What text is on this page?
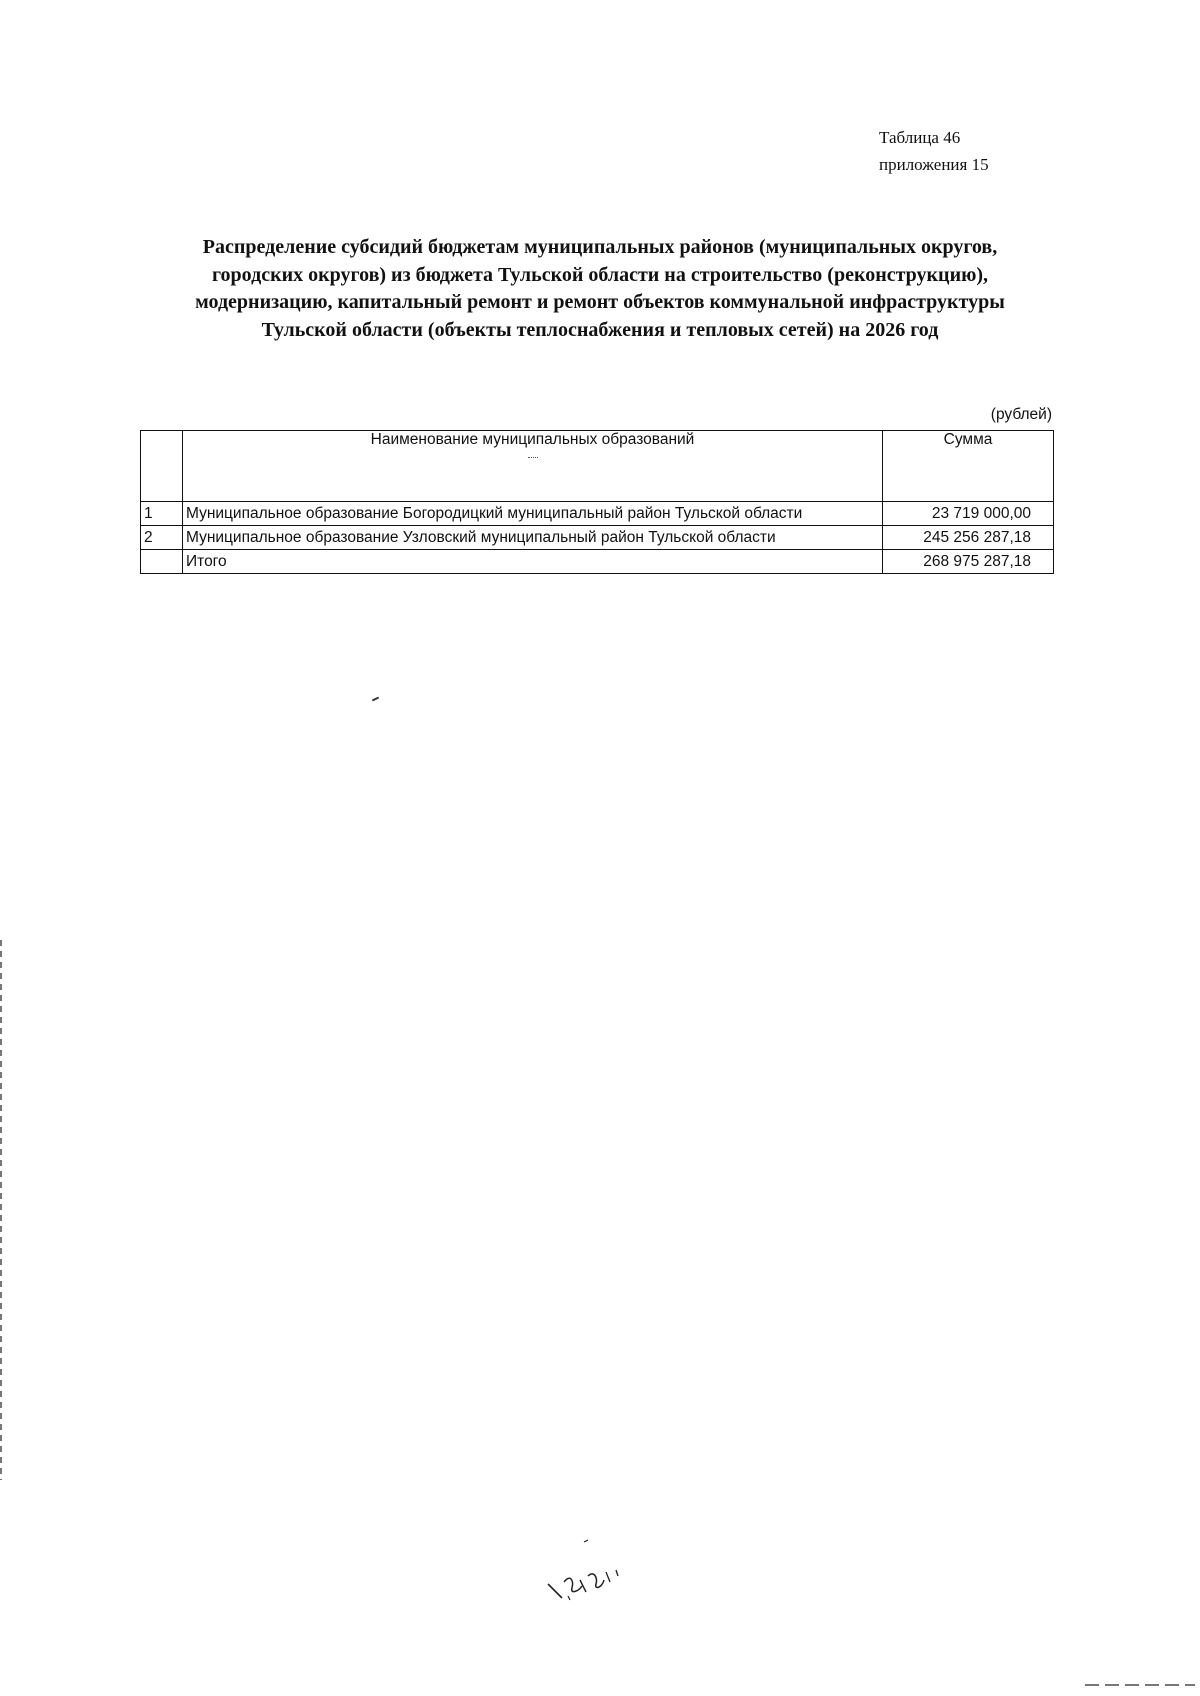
Таблица 46
приложения 15
Распределение субсидий бюджетам муниципальных районов (муниципальных округов,
городских округов) из бюджета Тульской области на строительство (реконструкцию),
модернизацию, капитальный ремонт и ремонт объектов коммунальной инфраструктуры
Тульской области (объекты теплоснабжения и тепловых сетей) на 2026 год
(рублей)
	Наименование муниципальных образований	Сумма
1	Муниципальное образование Богородицкий муниципальный район Тульской области	23 719 000,00
2	Муниципальное образование Узловский муниципальный район Тульской области	245 256 287,18
	Итого	268 975 287,18
